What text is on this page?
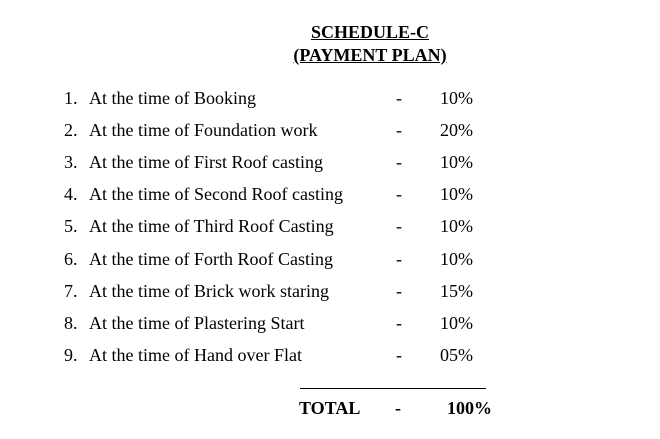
SCHEDULE-C
(PAYMENT PLAN)
1. At the time of Booking	- 10%
2. At the time of Foundation work	- 20%
3. At the time of First Roof casting	- 10%
4. At the time of Second Roof casting	- 10%
5. At the time of Third Roof Casting	- 10%
6. At the time of Forth Roof Casting	- 10%
7. At the time of Brick work staring	- 15%
8. At the time of Plastering Start	- 10%
9. At the time of Hand over Flat	- 05%
TOTAL -	100%
